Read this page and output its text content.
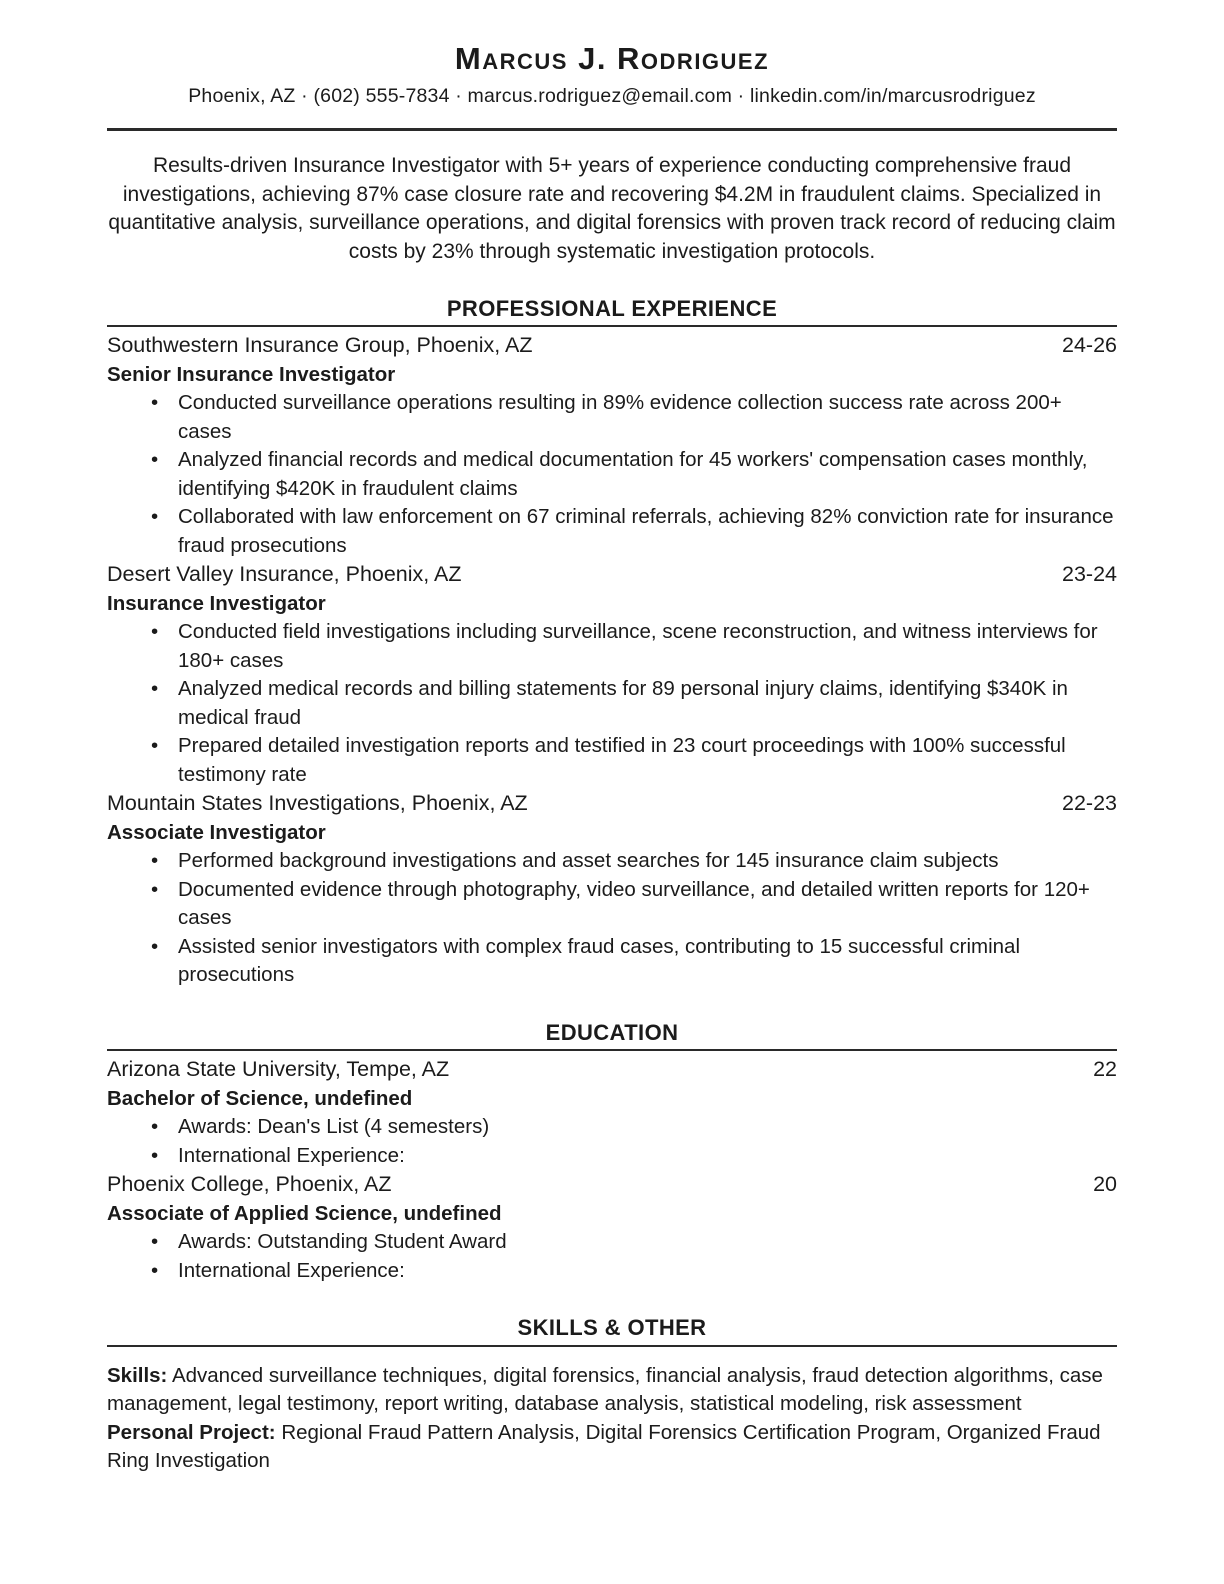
Marcus J. Rodriguez
Phoenix, AZ · (602) 555-7834 · marcus.rodriguez@email.com · linkedin.com/in/marcusrodriguez

Results-driven Insurance Investigator with 5+ years of experience conducting comprehensive fraud investigations, achieving 87% case closure rate and recovering $4.2M in fraudulent claims. Specialized in quantitative analysis, surveillance operations, and digital forensics with proven track record of reducing claim costs by 23% through systematic investigation protocols.

PROFESSIONAL EXPERIENCE
Southwestern Insurance Group, Phoenix, AZ	24-26
Senior Insurance Investigator
• Conducted surveillance operations resulting in 89% evidence collection success rate across 200+ cases
• Analyzed financial records and medical documentation for 45 workers' compensation cases monthly, identifying $420K in fraudulent claims
• Collaborated with law enforcement on 67 criminal referrals, achieving 82% conviction rate for insurance fraud prosecutions
Desert Valley Insurance, Phoenix, AZ	23-24
Insurance Investigator
• Conducted field investigations including surveillance, scene reconstruction, and witness interviews for 180+ cases
• Analyzed medical records and billing statements for 89 personal injury claims, identifying $340K in medical fraud
• Prepared detailed investigation reports and testified in 23 court proceedings with 100% successful testimony rate
Mountain States Investigations, Phoenix, AZ	22-23
Associate Investigator
• Performed background investigations and asset searches for 145 insurance claim subjects
• Documented evidence through photography, video surveillance, and detailed written reports for 120+ cases
• Assisted senior investigators with complex fraud cases, contributing to 15 successful criminal prosecutions
EDUCATION
Arizona State University, Tempe, AZ	22
Bachelor of Science, undefined
• Awards: Dean's List (4 semesters)
• International Experience:
Phoenix College, Phoenix, AZ	20
Associate of Applied Science, undefined
• Awards: Outstanding Student Award
• International Experience:
SKILLS & OTHER

Skills: Advanced surveillance techniques, digital forensics, financial analysis, fraud detection algorithms, case management, legal testimony, report writing, database analysis, statistical modeling, risk assessment

Personal Project: Regional Fraud Pattern Analysis, Digital Forensics Certification Program, Organized Fraud Ring Investigation
